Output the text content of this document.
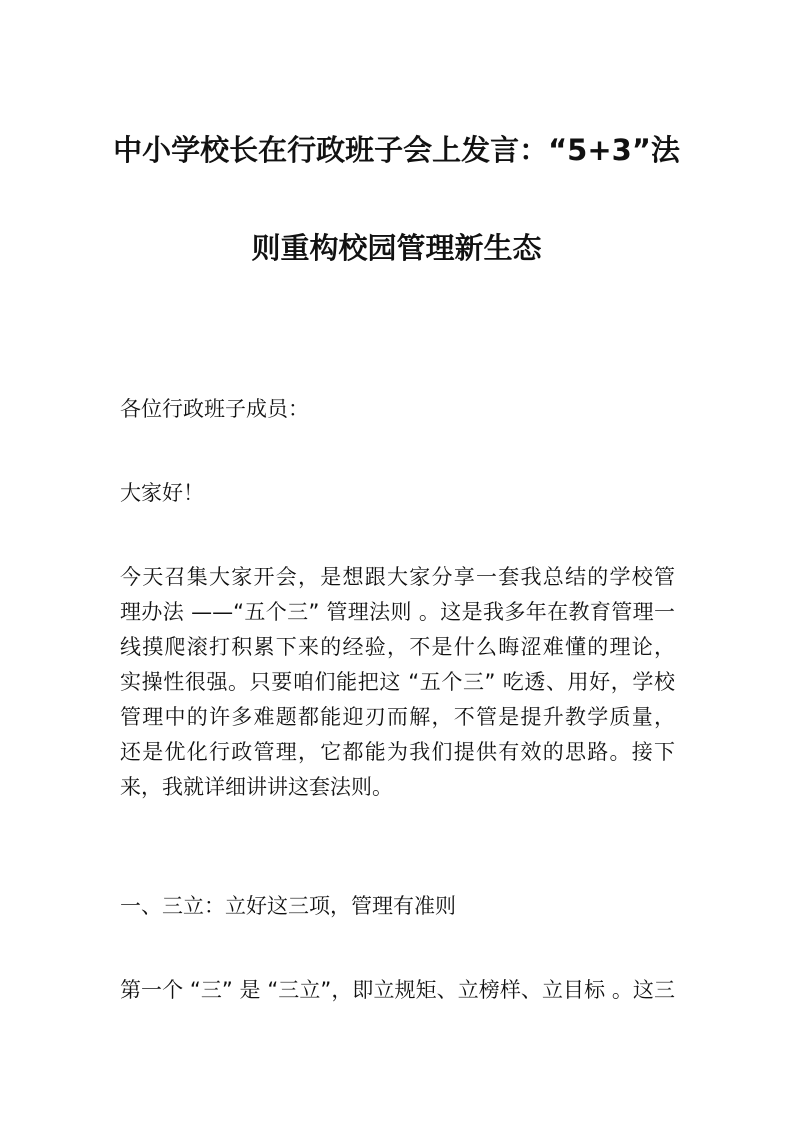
中小学校长在行政班子会上发言：“5+3”法
则重构校园管理新生态
各位行政班子成员：
大家好！
今天召集大家开会，是想跟大家分享一套我总结的学校管
理办法 ——“五个三” 管理法则 。这是我多年在教育管理一
线摸爬滚打积累下来的经验，不是什么晦涩难懂的理论，
实操性很强。只要咱们能把这 “五个三” 吃透、用好，学校
管理中的许多难题都能迎刃而解，不管是提升教学质量，
还是优化行政管理，它都能为我们提供有效的思路。接下
来，我就详细讲讲这套法则。
一、三立：立好这三项，管理有准则
第一个 “三” 是 “三立”，即立规矩、立榜样、立目标 。这三
